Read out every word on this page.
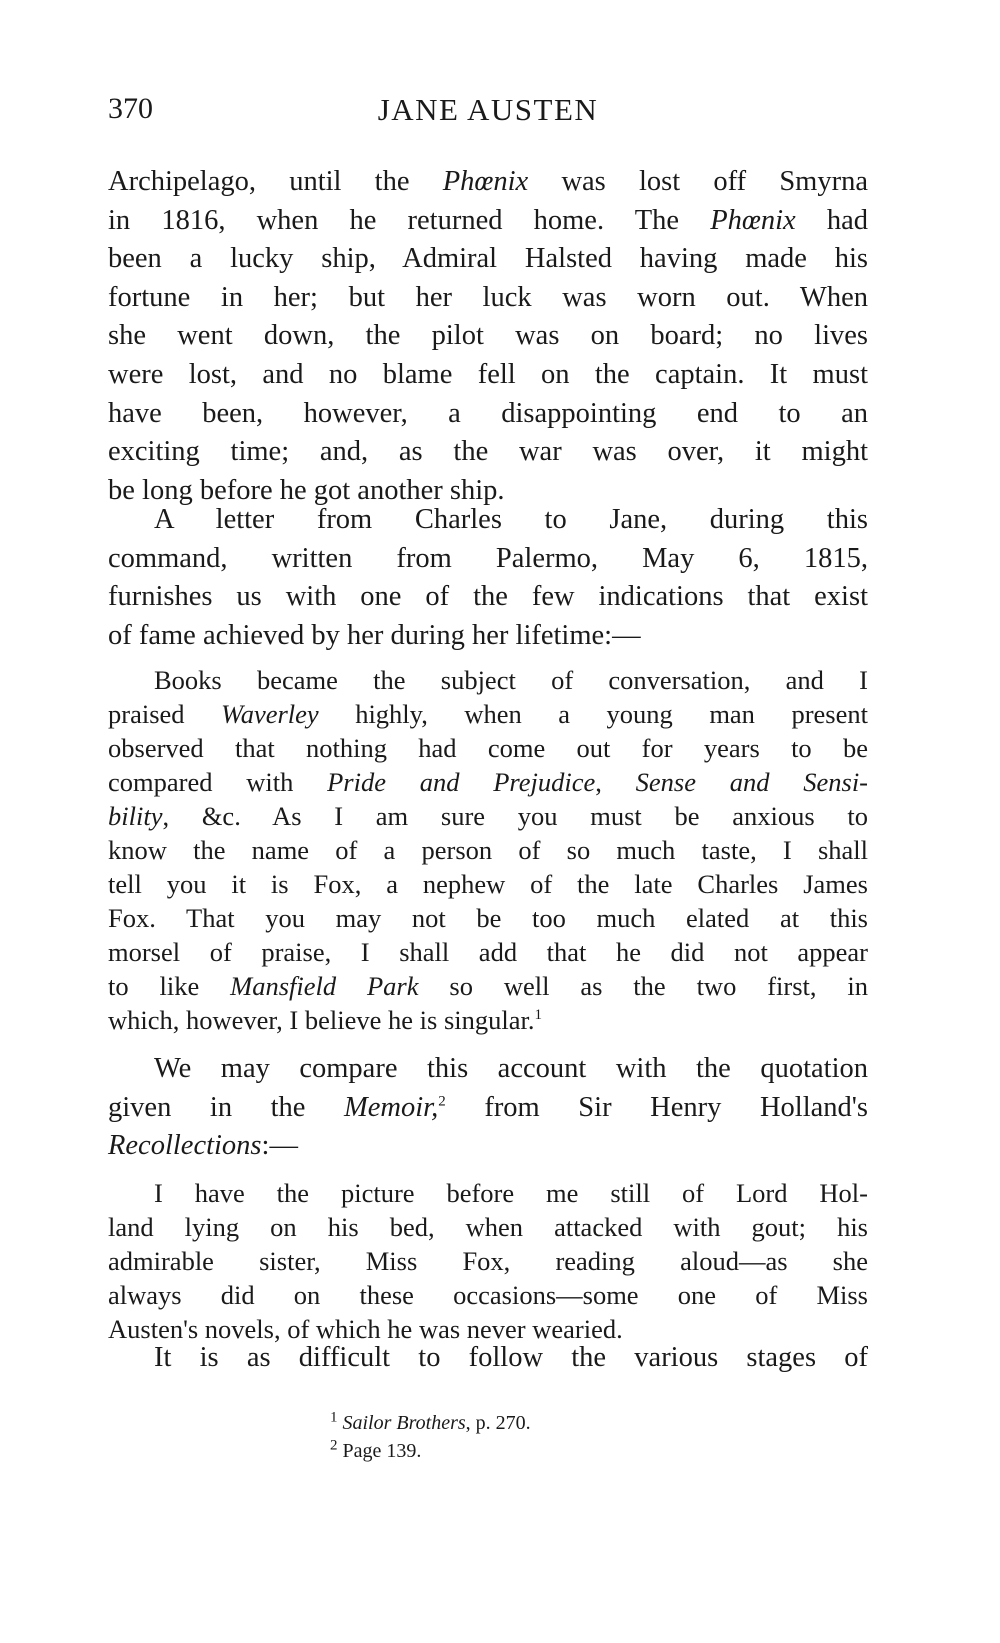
370	JANE AUSTEN
Archipelago, until the Phœnix was lost off Smyrna
in 1816, when he returned home. The Phœnix had
been a lucky ship, Admiral Halsted having made his
fortune in her; but her luck was worn out. When
she went down, the pilot was on board; no lives
were lost, and no blame fell on the captain. It must
have been, however, a disappointing end to an
exciting time; and, as the war was over, it might
be long before he got another ship.
A letter from Charles to Jane, during this
command, written from Palermo, May 6, 1815,
furnishes us with one of the few indications that exist
of fame achieved by her during her lifetime:—
Books became the subject of conversation, and I
praised Waverley highly, when a young man present
observed that nothing had come out for years to be
compared with Pride and Prejudice, Sense and Sensi-
bility, &c. As I am sure you must be anxious to
know the name of a person of so much taste, I shall
tell you it is Fox, a nephew of the late Charles James
Fox. That you may not be too much elated at this
morsel of praise, I shall add that he did not appear
to like Mansfield Park so well as the two first, in
which, however, I believe he is singular.$^1$
We may compare this account with the quotation
given in the Memoir,$^2$ from Sir Henry Holland's
Recollections:—
I have the picture before me still of Lord Hol-
land lying on his bed, when attacked with gout; his
admirable sister, Miss Fox, reading aloud—as she
always did on these occasions—some one of Miss
Austen's novels, of which he was never wearied.
It is as difficult to follow the various stages of
$^1$ Sailor Brothers, p. 270.
$^2$ Page 139.
